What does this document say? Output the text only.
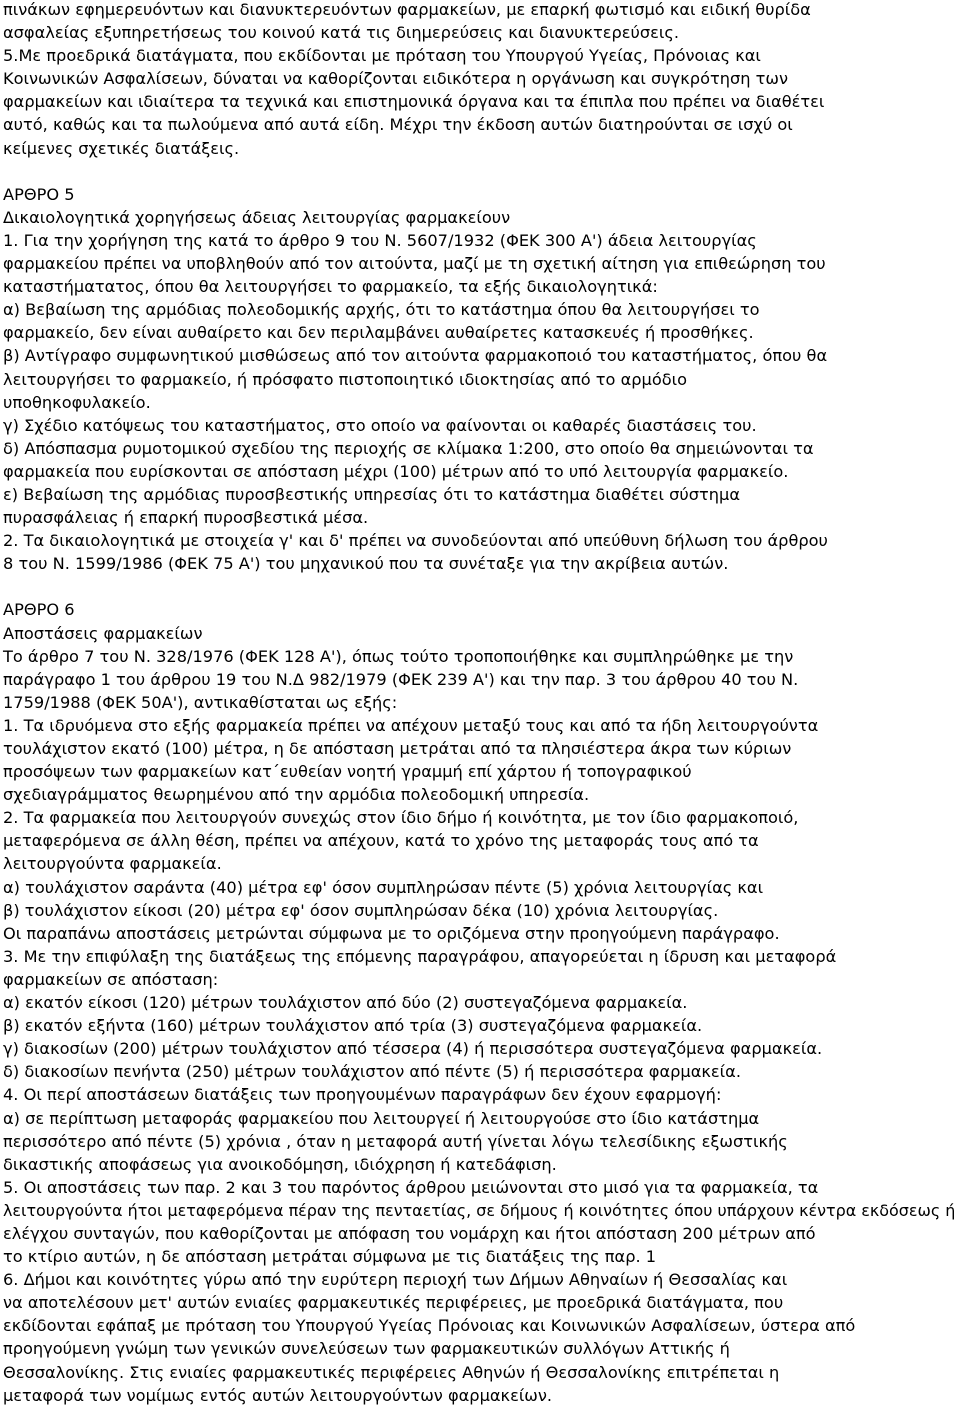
πινάκων εφημερευόντων και διανυκτερευόντων φαρμακείων, με επαρκή φωτισμό και ειδική θυρίδα
ασφαλείας εξυπηρετήσεως του κοινού κατά τις διημερεύσεις και διανυκτερεύσεις.
5.Με προεδρικά διατάγματα, που εκδίδονται με πρόταση του Υπουργού Υγείας, Πρόνοιας και
Κοινωνικών Ασφαλίσεων, δύναται να καθορίζονται ειδικότερα η οργάνωση και συγκρότηση των
φαρμακείων και ιδιαίτερα τα τεχνικά και επιστημονικά όργανα και τα έπιπλα που πρέπει να διαθέτει
αυτό, καθώς και τα πωλούμενα από αυτά είδη. Μέχρι την έκδοση αυτών διατηρούνται σε ισχύ οι
κείμενες σχετικές διατάξεις.
ΑΡΘΡΟ 5
Δικαιολογητικά χορηγήσεως άδειας λειτουργίας φαρμακείουν
1. Για την χορήγηση της κατά το άρθρο 9 του Ν. 5607/1932 (ΦΕΚ 300 Α') άδεια λειτουργίας
φαρμακείου πρέπει να υποβληθούν από τον αιτούντα, μαζί με τη σχετική αίτηση για επιθεώρηση του
καταστήματατος, όπου θα λειτουργήσει το φαρμακείο, τα εξής δικαιολογητικά:
α) Βεβαίωση της αρμόδιας πολεοδομικής αρχής, ότι το κατάστημα όπου θα λειτουργήσει το
φαρμακείο, δεν είναι αυθαίρετο και δεν περιλαμβάνει αυθαίρετες κατασκευές ή προσθήκες.
β) Αντίγραφο συμφωνητικού μισθώσεως από τον αιτούντα φαρμακοποιό του καταστήματος, όπου θα
λειτουργήσει το φαρμακείο, ή πρόσφατο πιστοποιητικό ιδιοκτησίας από το αρμόδιο
υποθηκοφυλακείο.
γ) Σχέδιο κατόψεως του καταστήματος, στο οποίο να φαίνονται οι καθαρές διαστάσεις του.
δ) Απόσπασμα ρυμοτομικού σχεδίου της περιοχής σε κλίμακα 1:200, στο οποίο θα σημειώνονται τα
φαρμακεία που ευρίσκονται σε απόσταση μέχρι (100) μέτρων από το υπό λειτουργία φαρμακείο.
ε) Βεβαίωση της αρμόδιας πυροσβεστικής υπηρεσίας ότι το κατάστημα διαθέτει σύστημα
πυρασφάλειας ή επαρκή πυροσβεστικά μέσα.
2. Τα δικαιολογητικά με στοιχεία γ' και δ' πρέπει να συνοδεύονται από υπεύθυνη δήλωση του άρθρου
8 του Ν. 1599/1986 (ΦΕΚ 75 Α') του μηχανικού που τα συνέταξε για την ακρίβεια αυτών.
ΑΡΘΡΟ 6
Αποστάσεις φαρμακείων
Το άρθρο 7 του Ν. 328/1976 (ΦΕΚ 128 Α'), όπως τούτο τροποποιήθηκε και συμπληρώθηκε με την
παράγραφο 1 του άρθρου 19 του Ν.Δ 982/1979 (ΦΕΚ 239 Α') και την παρ. 3 του άρθρου 40 του Ν.
1759/1988 (ΦΕΚ 50Α'), αντικαθίσταται ως εξής:
1. Τα ιδρυόμενα στο εξής φαρμακεία πρέπει να απέχουν μεταξύ τους και από τα ήδη λειτουργούντα
τουλάχιστον εκατό (100) μέτρα, η δε απόσταση μετράται από τα πλησιέστερα άκρα των κύριων
προσόψεων των φαρμακείων κατ΄ευθείαν νοητή γραμμή επί χάρτου ή τοπογραφικού
σχεδιαγράμματος θεωρημένου από την αρμόδια πολεοδομική υπηρεσία.
2. Τα φαρμακεία που λειτουργούν συνεχώς στον ίδιο δήμο ή κοινότητα, με τον ίδιο φαρμακοποιό,
μεταφερόμενα σε άλλη θέση, πρέπει να απέχουν, κατά το χρόνο της μεταφοράς τους από τα
λειτουργούντα φαρμακεία.
α) τουλάχιστον σαράντα (40) μέτρα εφ' όσον συμπληρώσαν πέντε (5) χρόνια λειτουργίας και
β) τουλάχιστον είκοσι (20) μέτρα εφ' όσον συμπληρώσαν δέκα (10) χρόνια λειτουργίας.
Οι παραπάνω αποστάσεις μετρώνται σύμφωνα με το οριζόμενα στην προηγούμενη παράγραφο.
3. Με την επιφύλαξη της διατάξεως της επόμενης παραγράφου, απαγορεύεται η ίδρυση και μεταφορά
φαρμακείων σε απόσταση:
α) εκατόν είκοσι (120) μέτρων τουλάχιστον από δύο (2) συστεγαζόμενα φαρμακεία.
β) εκατόν εξήντα (160) μέτρων τουλάχιστον από τρία (3) συστεγαζόμενα φαρμακεία.
γ) διακοσίων (200) μέτρων τουλάχιστον από τέσσερα (4) ή περισσότερα συστεγαζόμενα φαρμακεία.
δ) διακοσίων πενήντα (250) μέτρων τουλάχιστον από πέντε (5) ή περισσότερα φαρμακεία.
4. Οι περί αποστάσεων διατάξεις των προηγουμένων παραγράφων δεν έχουν εφαρμογή:
α) σε περίπτωση μεταφοράς φαρμακείου που λειτουργεί ή λειτουργούσε στο ίδιο κατάστημα
περισσότερο από πέντε (5) χρόνια , όταν η μεταφορά αυτή γίνεται λόγω τελεσίδικης εξωστικής
δικαστικής αποφάσεως για ανοικοδόμηση, ιδιόχρηση ή κατεδάφιση.
5. Οι αποστάσεις των παρ. 2 και 3 του παρόντος άρθρου μειώνονται στο μισό για τα φαρμακεία, τα
λειτουργούντα ήτοι μεταφερόμενα πέραν της πενταετίας, σε δήμους ή κοινότητες όπου υπάρχουν κέντρα εκδόσεως ή
ελέγχου συνταγών, που καθορίζονται με απόφαση του νομάρχη και ήτοι απόσταση 200 μέτρων από
το κτίριο αυτών, η δε απόσταση μετράται σύμφωνα με τις διατάξεις της παρ. 1
6. Δήμοι και κοινότητες γύρω από την ευρύτερη περιοχή των Δήμων Αθηναίων ή Θεσσαλίας και
να αποτελέσουν μετ' αυτών ενιαίες φαρμακευτικές περιφέρειες, με προεδρικά διατάγματα, που
εκδίδονται εφάπαξ με πρόταση του Υπουργού Υγείας Πρόνοιας και Κοινωνικών Ασφαλίσεων, ύστερα από
προηγούμενη γνώμη των γενικών συνελεύσεων των φαρμακευτικών συλλόγων Αττικής ή
Θεσσαλονίκης. Στις ενιαίες φαρμακευτικές περιφέρειες Αθηνών ή Θεσσαλονίκης επιτρέπεται η
μεταφορά των νομίμως εντός αυτών λειτουργούντων φαρμακείων.
